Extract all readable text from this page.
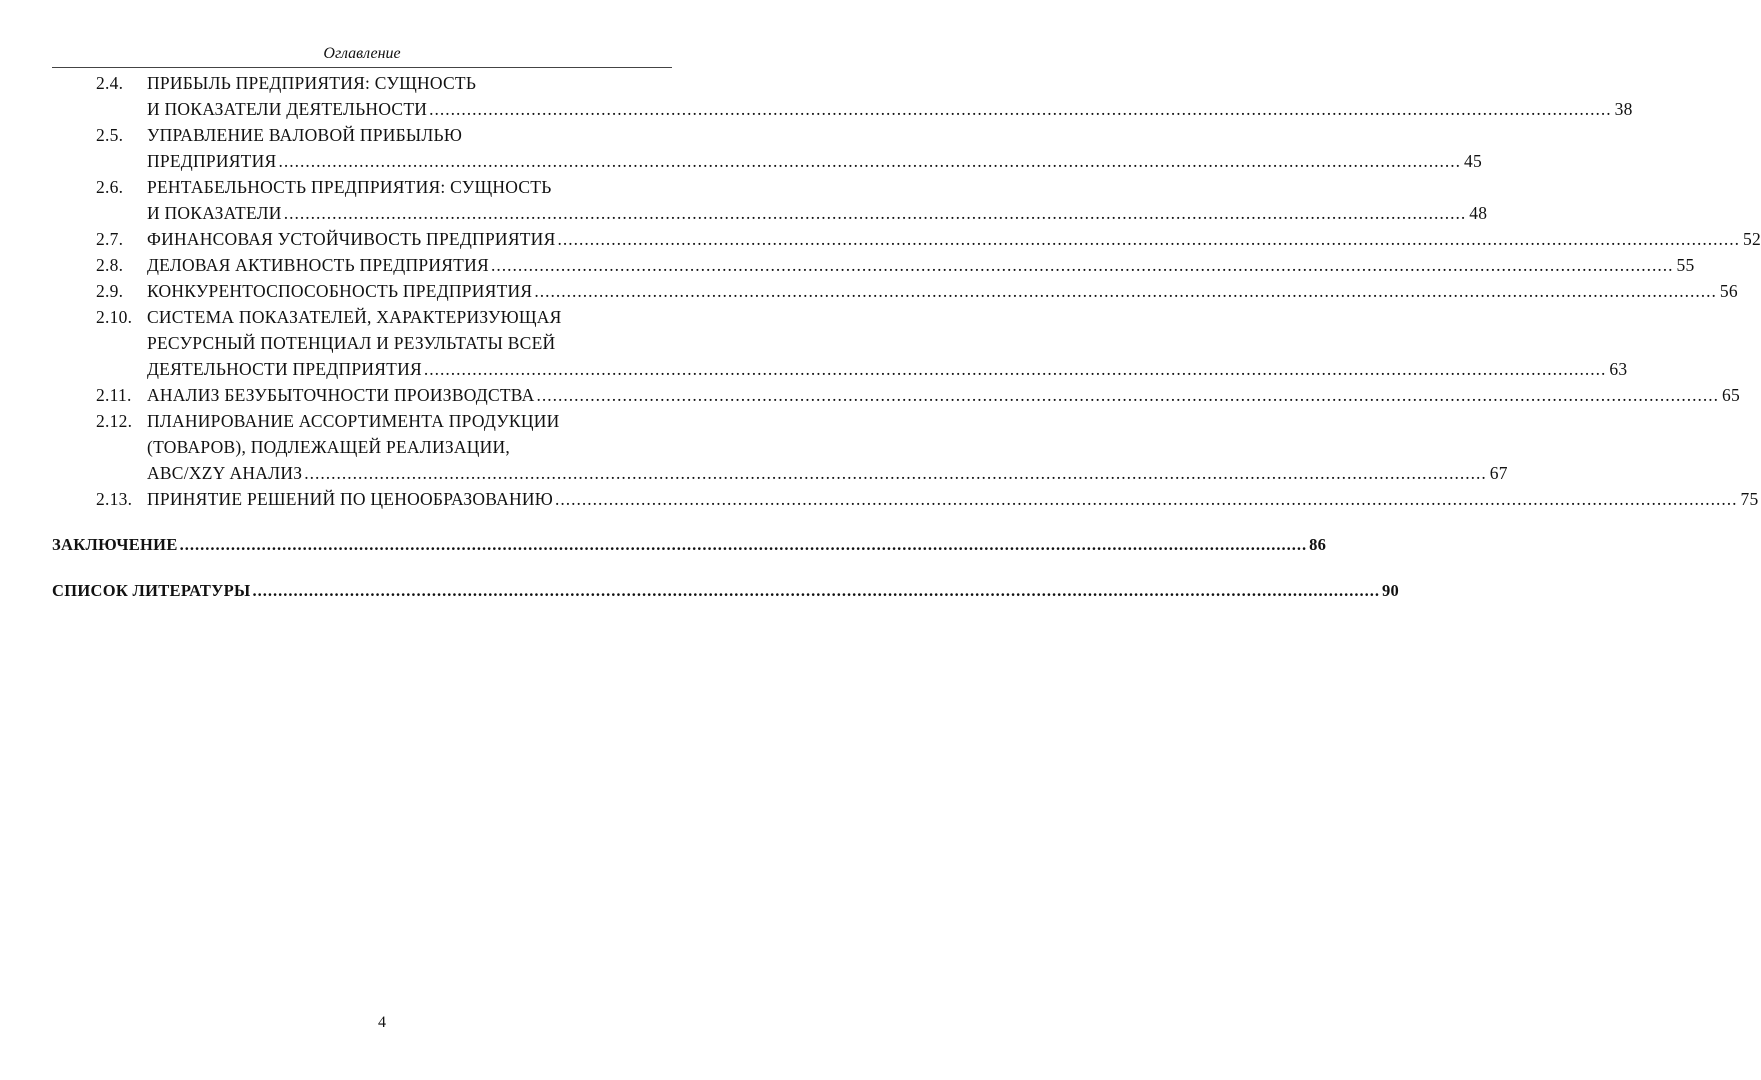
Оглавление
2.4. ПРИБЫЛЬ ПРЕДПРИЯТИЯ: СУЩНОСТЬ
И ПОКАЗАТЕЛИ ДЕЯТЕЛЬНОСТИ ............................................................................................................................................................................................................................ 38
2.5. УПРАВЛЕНИЕ ВАЛОВОЙ ПРИБЫЛЬЮ
ПРЕДПРИЯТИЯ ............................................................................................................................................................................................................................ 45
2.6. РЕНТАБЕЛЬНОСТЬ ПРЕДПРИЯТИЯ: СУЩНОСТЬ
И ПОКАЗАТЕЛИ ............................................................................................................................................................................................................................ 48
2.7. ФИНАНСОВАЯ УСТОЙЧИВОСТЬ ПРЕДПРИЯТИЯ ............................................................................................................................................................................................................................ 52
2.8. ДЕЛОВАЯ АКТИВНОСТЬ ПРЕДПРИЯТИЯ ............................................................................................................................................................................................................................ 55
2.9. КОНКУРЕНТОСПОСОБНОСТЬ ПРЕДПРИЯТИЯ ............................................................................................................................................................................................................................ 56
2.10. СИСТЕМА ПОКАЗАТЕЛЕЙ, ХАРАКТЕРИЗУЮЩАЯ
РЕСУРСНЫЙ ПОТЕНЦИАЛ И РЕЗУЛЬТАТЫ ВСЕЙ
ДЕЯТЕЛЬНОСТИ ПРЕДПРИЯТИЯ ............................................................................................................................................................................................................................ 63
2.11. АНАЛИЗ БЕЗУБЫТОЧНОСТИ ПРОИЗВОДСТВА ............................................................................................................................................................................................................................ 65
2.12. ПЛАНИРОВАНИЕ АССОРТИМЕНТА ПРОДУКЦИИ
(ТОВАРОВ), ПОДЛЕЖАЩЕЙ РЕАЛИЗАЦИИ,
ABC/XZY АНАЛИЗ ............................................................................................................................................................................................................................ 67
2.13. ПРИНЯТИЕ РЕШЕНИЙ ПО ЦЕНООБРАЗОВАНИЮ ............................................................................................................................................................................................................................ 75
ЗАКЛЮЧЕНИЕ ............................................................................................................................................................................................................................ 86
СПИСОК ЛИТЕРАТУРЫ ............................................................................................................................................................................................................................ 90
4
